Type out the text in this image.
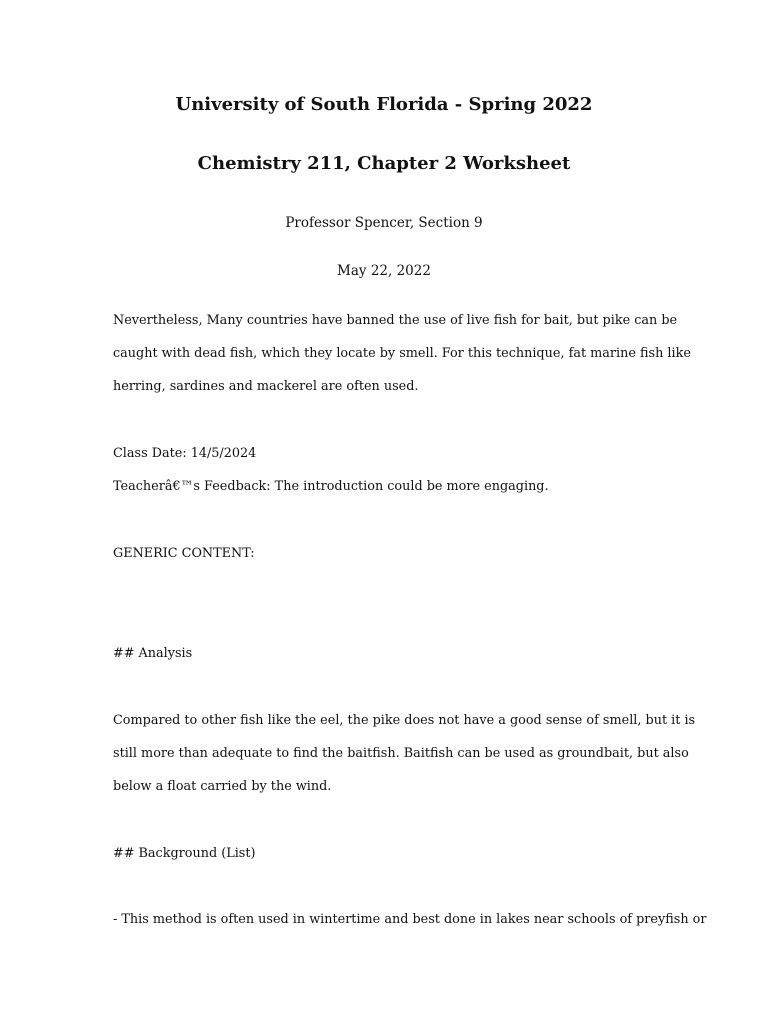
University of South Florida - Spring 2022
Chemistry 211, Chapter 2 Worksheet

Professor Spencer, Section 9

May 22, 2022

Nevertheless, Many countries have banned the use of live fish for bait, but pike can be

caught with dead fish, which they locate by smell. For this technique, fat marine fish like

herring, sardines and mackerel are often used.

Class Date: 14/5/2024

Teacherâ€™s Feedback: The introduction could be more engaging.

GENERIC CONTENT:

## Analysis

Compared to other fish like the eel, the pike does not have a good sense of smell, but it is

still more than adequate to find the baitfish. Baitfish can be used as groundbait, but also

below a float carried by the wind.

## Background (List)

- This method is often used in wintertime and best done in lakes near schools of preyfish or
